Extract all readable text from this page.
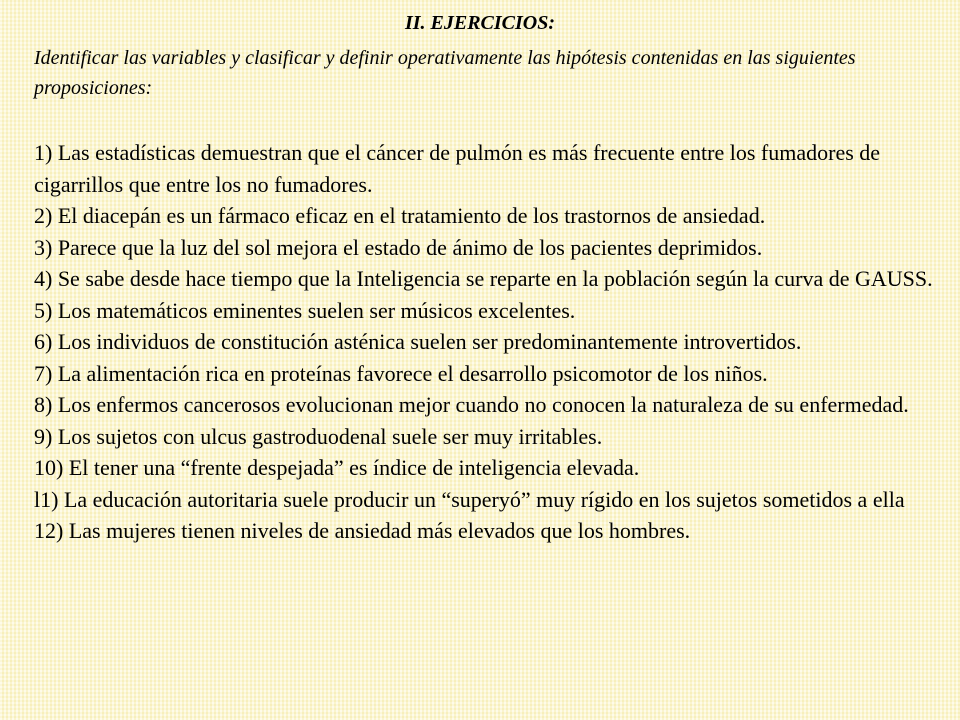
II. EJERCICIOS:
Identificar las variables y clasificar y definir operativamente las hipótesis contenidas en las siguientes proposiciones:
1) Las estadísticas demuestran que el cáncer de pulmón es más frecuente entre los fumadores de cigarrillos que entre los no fumadores.
2) El diacepán es un fármaco eficaz en el tratamiento de los trastornos de ansiedad.
3) Parece que la luz del sol mejora el estado de ánimo de los pacientes deprimidos.
4) Se sabe desde hace tiempo que la Inteligencia se reparte en la población según la curva de GAUSS.
5) Los matemáticos eminentes suelen ser músicos excelentes.
6) Los individuos de constitución asténica suelen ser predominantemente introvertidos.
7) La alimentación rica en proteínas favorece el desarrollo psicomotor de los niños.
8) Los enfermos cancerosos evolucionan mejor cuando no conocen la naturaleza de su enfermedad.
9) Los sujetos con ulcus gastroduodenal suele ser muy irritables.
10) El tener una “frente despejada” es índice de inteligencia elevada.
l1) La educación autoritaria suele producir un “superyó” muy rígido en los sujetos sometidos a ella
12) Las mujeres tienen niveles de ansiedad más elevados que los hombres.
